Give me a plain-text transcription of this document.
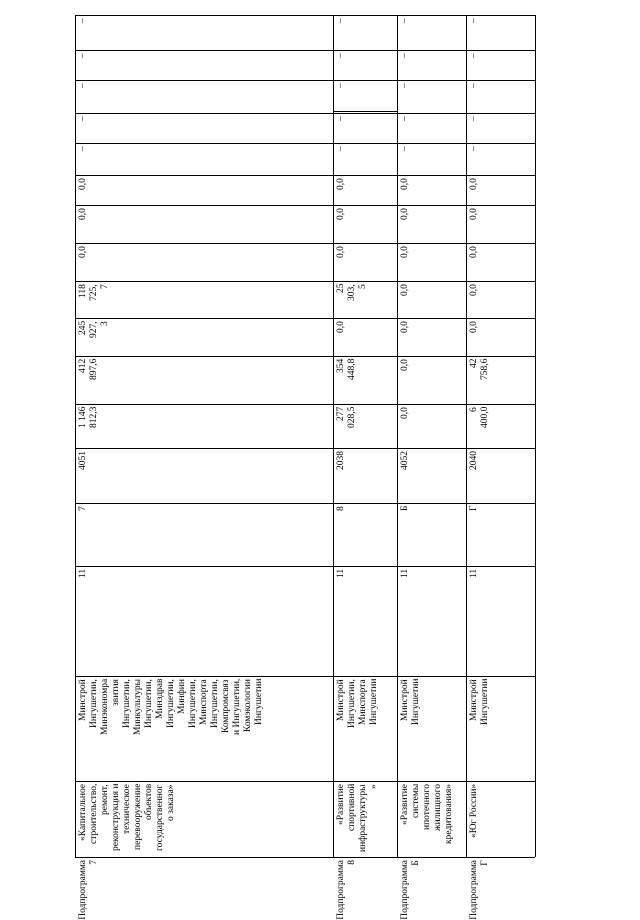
–
–
–
–
–
0,0
0,0
0,0
118
725,
7
245
927,
3
412
897,6
1 146
812,3
4051
7
11
Минстрой
Ингушетии,
Минэкономра
звития
Ингушетии,
Минкультуры
Ингушетии,
Минздрав
Ингушетии,
Минфин
Ингушетии,
Минспорта
Ингушетии,
Компромсвяз
и Ингушетии,
Комэкологии
Ингушетии
«Капитальное
строительство,
ремонт,
реконструкция и
техническое
перевооружение
объектов
государственног
о заказа»
Подпрограмма
7
–
–
–
–
–
0,0
0,0
0,0
25
303,
5
0,0
354
448,8
277
028,5
2038
8
11
Минстрой
Ингушетии,
Минспорта
Ингушетии
«Развитие
спортивной
инфраструктуры
»
Подпрограмма
8
–
–
–
–
–
0,0
0,0
0,0
0,0
0,0
0,0
0,0
4052
Б
11
Минстрой
Ингушетии
«Развитие
системы
ипотечного
жилищного
кредитования»
Подпрограмма
Б
–
–
–
–
–
0,0
0,0
0,0
0,0
0,0
42
758,6
6
400,0
2040
Г
11
Минстрой
Ингушетии
«Юг России»
Подпрограмма
Г
